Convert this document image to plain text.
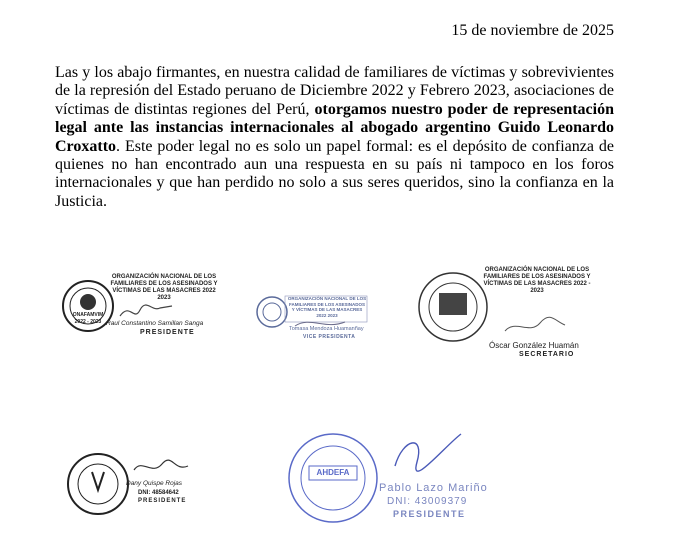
15 de noviembre de 2025

Las y los abajo firmantes, en nuestra calidad de familiares de víctimas y sobrevivientes de la represión del Estado peruano de Diciembre 2022 y Febrero 2023, asociaciones de víctimas de distintas regiones del Perú, otorgamos nuestro poder de representación legal ante las instancias internacionales al abogado argentino Guido Leonardo Croxatto. Este poder legal no es solo un papel formal: es el depósito de confianza de quienes no han encontrado aun una respuesta en su país ni tampoco en los foros internacionales y que han perdido no solo a sus seres queridos, sino la confianza en la Justicia.

ONAFAMVIM 2022 - 2023
ORGANIZACIÓN NACIONAL DE LOS FAMILIARES DE LOS ASESINADOS Y VÍCTIMAS DE LAS MASACRES 2022 2023
Raul Constantino Samillan Sanga
PRESIDENTE
ORGANIZACIÓN NACIONAL DE LOS FAMILIARES DE LOS ASESINADOS Y VÍCTIMAS DE LAS MASACRES 2022 2023
Tomasa Mendoza Huamanñay
VICE PRESIDENTA
2022-2023
ORGANIZACIÓN NACIONAL DE LOS FAMILIARES DE LOS ASESINADOS Y VÍCTIMAS DE LAS MASACRES 2022 - 2023
Óscar González Huamán
SECRETARIO
Dany Quispe Rojas
DNI: 48584642
PRESIDENTE
AHDEFA
Pablo Lazo Mariño
DNI: 43009379
PRESIDENTE
